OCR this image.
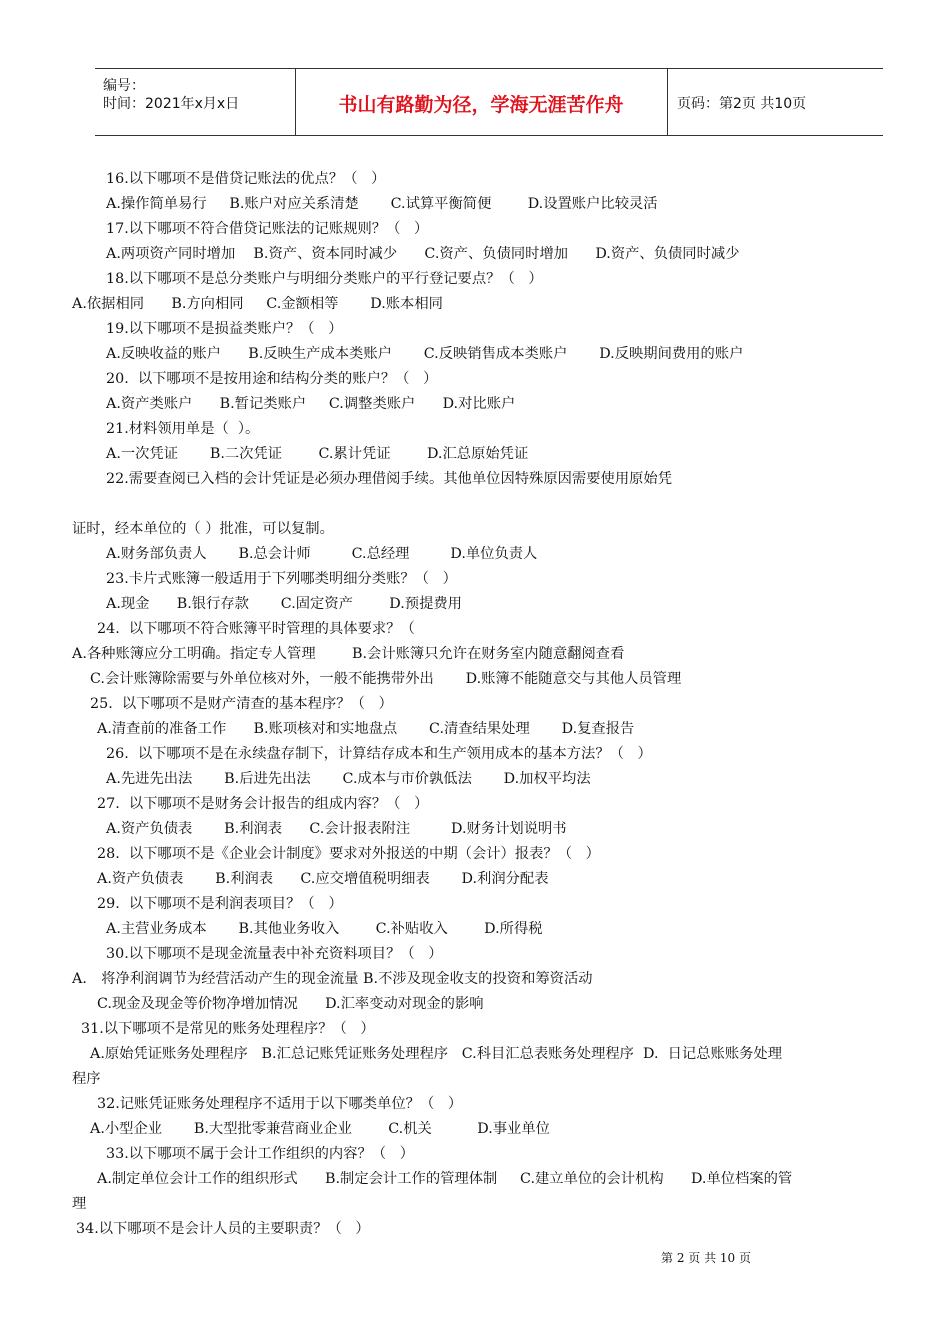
编号：
时间：2021年x月x日	书山有路勤为径，学海无涯苦作舟	页码：第2页 共10页
16.以下哪项不是借贷记账法的优点？（   ）
A.操作简单易行     B.账户对应关系清楚       C.试算平衡简便        D.设置账户比较灵活
17.以下哪项不符合借贷记账法的记账规则？（   ）
A.两项资产同时增加    B.资产、资本同时减少      C.资产、负债同时增加      D.资产、负债同时减少
18.以下哪项不是总分类账户与明细分类账户的平行登记要点？（   ）
A.依据相同      B.方向相同     C.金额相等       D.账本相同
19.以下哪项不是损益类账户？（   ）
A.反映收益的账户      B.反映生产成本类账户       C.反映销售成本类账户       D.反映期间费用的账户
20.  以下哪项不是按用途和结构分类的账户？（   ）
A.资产类账户      B.暂记类账户     C.调整类账户      D.对比账户
21.材料领用单是（  ）。
A.一次凭证       B.二次凭证        C.累计凭证        D.汇总原始凭证
22.需要查阅已入档的会计凭证是必须办理借阅手续。其他单位因特殊原因需要使用原始凭
证时，经本单位的（ ）批准，可以复制。
A.财务部负责人       B.总会计师         C.总经理         D.单位负责人
23.卡片式账簿一般适用于下列哪类明细分类账？（   ）
A.现金      B.银行存款       C.固定资产        D.预提费用
24.  以下哪项不符合账簿平时管理的具体要求？（
A.各种账簿应分工明确。指定专人管理        B.会计账簿只允许在财务室内随意翻阅查看
C.会计账簿除需要与外单位核对外，一般不能携带外出       D.账簿不能随意交与其他人员管理
25.  以下哪项不是财产清查的基本程序？（   ）
A.清查前的准备工作      B.账项核对和实地盘点       C.清查结果处理       D.复查报告
26.  以下哪项不是在永续盘存制下，计算结存成本和生产领用成本的基本方法？（   ）
A.先进先出法       B.后进先出法       C.成本与市价孰低法       D.加权平均法
27.  以下哪项不是财务会计报告的组成内容？（   ）
A.资产负债表       B.利润表      C.会计报表附注         D.财务计划说明书
28.  以下哪项不是《企业会计制度》要求对外报送的中期（会计）报表？（   ）
A.资产负债表       B.利润表      C.应交增值税明细表       D.利润分配表
29.  以下哪项不是利润表项目？（   ）
A.主营业务成本       B.其他业务收入        C.补贴收入        D.所得税
30.以下哪项不是现金流量表中补充资料项目？（   ）
A． 将净利润调节为经营活动产生的现金流量 B.不涉及现金收支的投资和筹资活动
C.现金及现金等价物净增加情况      D.汇率变动对现金的影响
31.以下哪项不是常见的账务处理程序？（   ）
A.原始凭证账务处理程序   B.汇总记账凭证账务处理程序   C.科目汇总表账务处理程序  D.  日记总账账务处理
程序
32.记账凭证账务处理程序不适用于以下哪类单位？（   ）
A.小型企业       B.大型批零兼营商业企业        C.机关          D.事业单位
33.以下哪项不属于会计工作组织的内容？（   ）
A.制定单位会计工作的组织形式      B.制定会计工作的管理体制     C.建立单位的会计机构      D.单位档案的管
理
34.以下哪项不是会计人员的主要职责？（   ）
第 2 页 共 10 页
